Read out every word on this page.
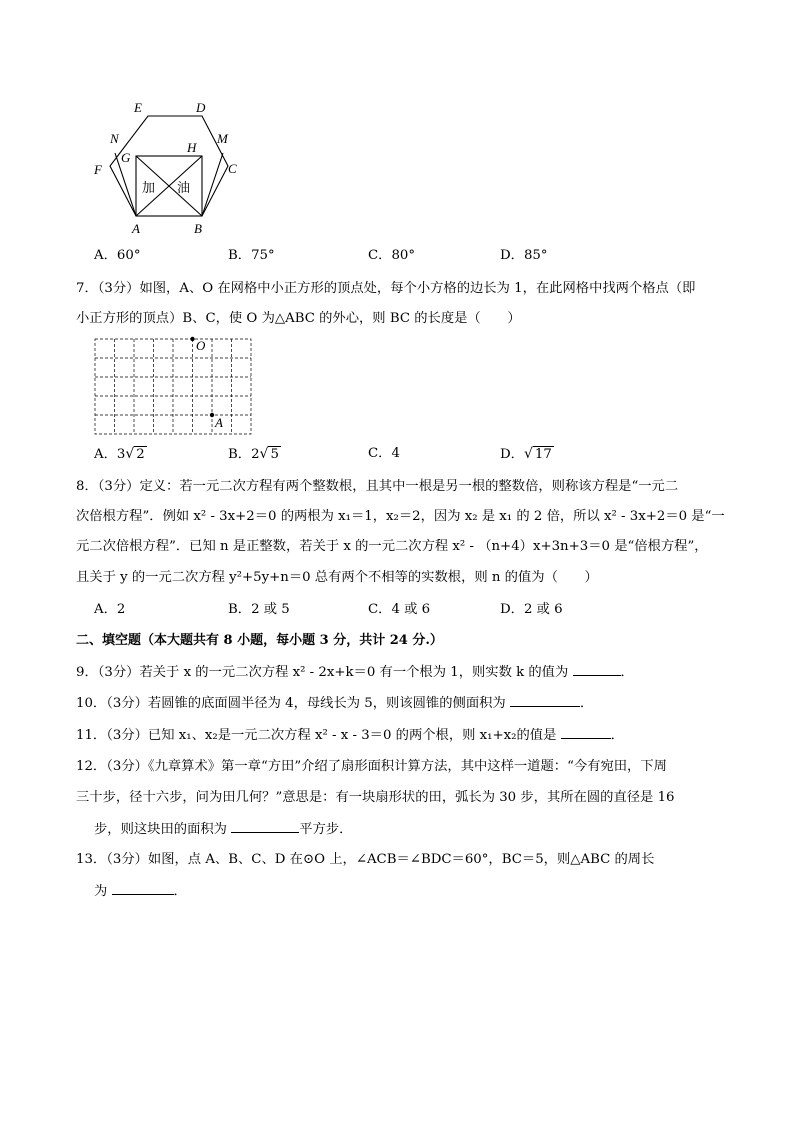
E	D
N	M
G
H
F	C
A	B
加 油
A．60°	B．75°	C．80°	D．85°
7．（3分）如图，A、O 在网格中小正方形的顶点处，每个小方格的边长为 1，在此网格中找两个格点（即
小正方形的顶点）B、C，使 O 为△ABC 的外心，则 BC 的长度是（　　）
O
A
A．3√ 2	B．2√ 5	C．4	D．√ 17
8．（3分）定义：若一元二次方程有两个整数根，且其中一根是另一根的整数倍，则称该方程是“一元二
次倍根方程”．例如 x² - 3x+2＝0 的两根为 x₁＝1，x₂＝2，因为 x₂ 是 x₁ 的 2 倍，所以 x² - 3x+2＝0 是“一
元二次倍根方程”．已知 n 是正整数，若关于 x 的一元二次方程 x² - （n+4）x+3n+3＝0 是“倍根方程”，
且关于 y 的一元二次方程 y²+5y+n＝0 总有两个不相等的实数根，则 n 的值为（　　）
A．2	B．2 或 5	C．4 或 6	D．2 或 6
二、填空题（本大题共有 8 小题，每小题 3 分，共计 24 分.）
9．（3分）若关于 x 的一元二次方程 x² - 2x+k＝0 有一个根为 1，则实数 k 的值为	．
10．（3分）若圆锥的底面圆半径为 4，母线长为 5，则该圆锥的侧面积为	．
11．（3分）已知 x₁、x₂是一元二次方程 x² - x - 3＝0 的两个根，则 x₁+x₂的值是	．
12．（3分）《九章算术》第一章“方田”介绍了扇形面积计算方法，其中这样一道题：“今有宛田，下周
三十步，径十六步，问为田几何？”意思是：有一块扇形状的田，弧长为 30 步，其所在圆的直径是 16
步，则这块田的面积为	平方步．
13．（3分）如图，点 A、B、C、D 在⊙O 上，∠ACB＝∠BDC＝60°，BC＝5，则△ABC 的周长
为	．
